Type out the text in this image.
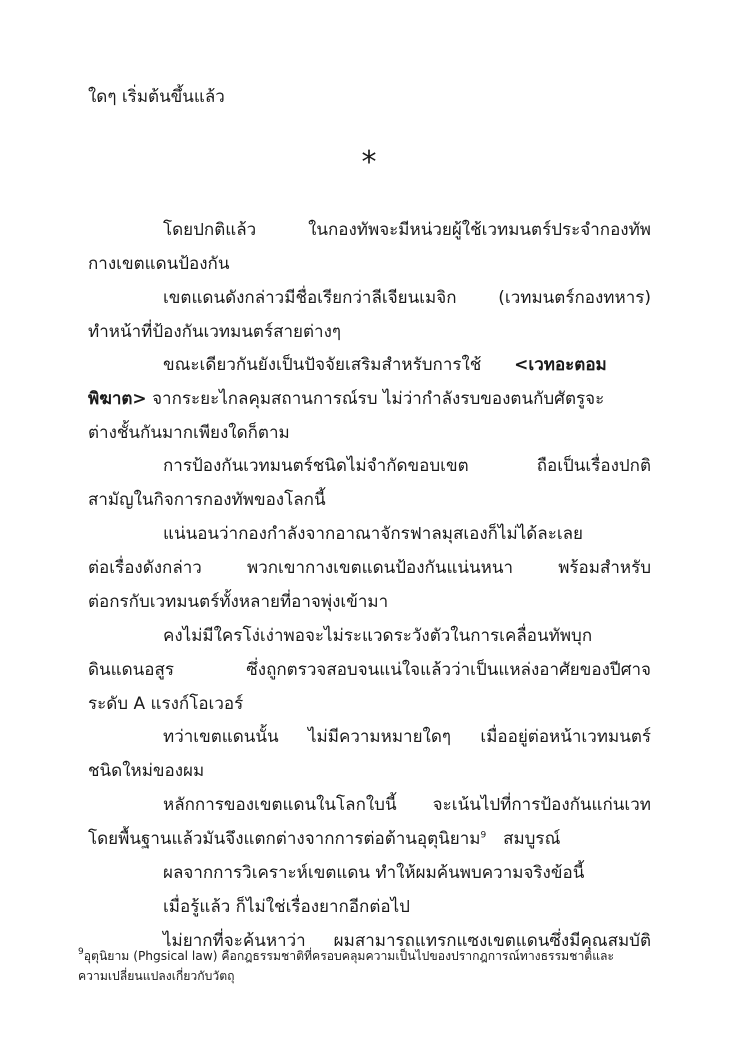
ใดๆ เริ่มต้นขึ้นแล้ว
*
โดยปกติแล้ว ในกองทัพจะมีหน่วยผู้ใช้เวทมนตร์ประจำกองทัพ
กางเขตแดนป้องกัน
เขตแดนดังกล่าวมีชื่อเรียกว่าลีเจียนเมจิก (เวทมนตร์กองทหาร)
ทำหน้าที่ป้องกันเวทมนตร์สายต่างๆ
ขณะเดียวกันยังเป็นปัจจัยเสริมสำหรับการใช้ <เวทอะตอม
พิฆาต> จากระยะไกลคุมสถานการณ์รบ ไม่ว่ากำลังรบของตนกับศัตรูจะ
ต่างชั้นกันมากเพียงใดก็ตาม
การป้องกันเวทมนตร์ชนิดไม่จำกัดขอบเขต ถือเป็นเรื่องปกติ
สามัญในกิจการกองทัพของโลกนี้
แน่นอนว่ากองกำลังจากอาณาจักรฟาลมุสเองก็ไม่ได้ละเลย
ต่อเรื่องดังกล่าว พวกเขากางเขตแดนป้องกันแน่นหนา พร้อมสำหรับ
ต่อกรกับเวทมนตร์ทั้งหลายที่อาจพุ่งเข้ามา
คงไม่มีใครโง่เง่าพอจะไม่ระแวดระวังตัวในการเคลื่อนทัพบุก
ดินแดนอสูร ซึ่งถูกตรวจสอบจนแน่ใจแล้วว่าเป็นแหล่งอาศัยของปีศาจ
ระดับ A แรงก์โอเวอร์
ทว่าเขตแดนนั้น ไม่มีความหมายใดๆ เมื่ออยู่ต่อหน้าเวทมนตร์
ชนิดใหม่ของผม
หลักการของเขตแดนในโลกใบนี้ จะเน้นไปที่การป้องกันแก่นเวท
โดยพื้นฐานแล้วมันจึงแตกต่างจากการต่อต้านอุตุนิยาม$^9$ สมบูรณ์
ผลจากการวิเคราะห์เขตแดน ทำให้ผมค้นพบความจริงข้อนี้
เมื่อรู้แล้ว ก็ไม่ใช่เรื่องยากอีกต่อไป
ไม่ยากที่จะค้นหาว่า ผมสามารถแทรกแซงเขตแดนซึ่งมีคุณสมบัติ
$^9$อุตุนิยาม (Phgsical law) คือกฎธรรมชาติที่ครอบคลุมความเป็นไปของปรากฎการณ์ทางธรรมชาติและ
ความเปลี่ยนแปลงเกี่ยวกับวัตถุ
